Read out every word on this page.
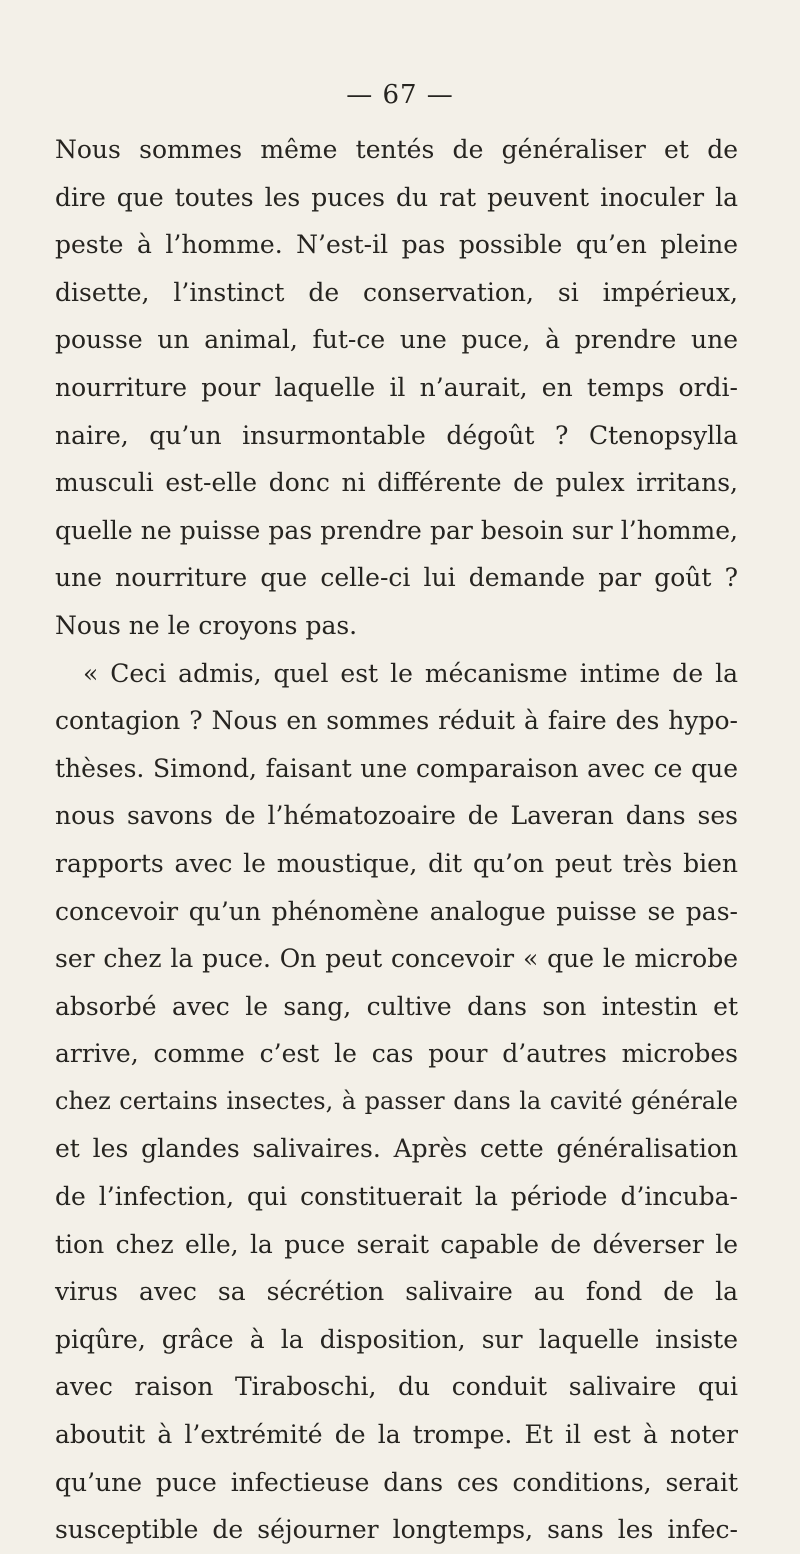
— 67 —
Nous sommes même tentés de généraliser et de
dire que toutes les puces du rat peuvent inoculer la
peste à l’homme. N’est-il pas possible qu’en pleine
disette, l’instinct de conservation, si impérieux,
pousse un animal, fut-ce une puce, à prendre une
nourriture pour laquelle il n’aurait, en temps ordi-
naire, qu’un insurmontable dégoût ? Ctenopsylla
musculi est-elle donc ni différente de pulex irritans,
quelle ne puisse pas prendre par besoin sur l’homme,
une nourriture que celle-ci lui demande par goût ?
Nous ne le croyons pas.
« Ceci admis, quel est le mécanisme intime de la
contagion ? Nous en sommes réduit à faire des hypo-
thèses. Simond, faisant une comparaison avec ce que
nous savons de l’hématozoaire de Laveran dans ses
rapports avec le moustique, dit qu’on peut très bien
concevoir qu’un phénomène analogue puisse se pas-
ser chez la puce. On peut concevoir « que le microbe
absorbé avec le sang, cultive dans son intestin et
arrive, comme c’est le cas pour d’autres microbes
chez certains insectes, à passer dans la cavité générale
et les glandes salivaires. Après cette généralisation
de l’infection, qui constituerait la période d’incuba-
tion chez elle, la puce serait capable de déverser le
virus avec sa sécrétion salivaire au fond de la
piqûre, grâce à la disposition, sur laquelle insiste
avec raison Tiraboschi, du conduit salivaire qui
aboutit à l’extrémité de la trompe. Et il est à noter
qu’une puce infectieuse dans ces conditions, serait
susceptible de séjourner longtemps, sans les infec-
